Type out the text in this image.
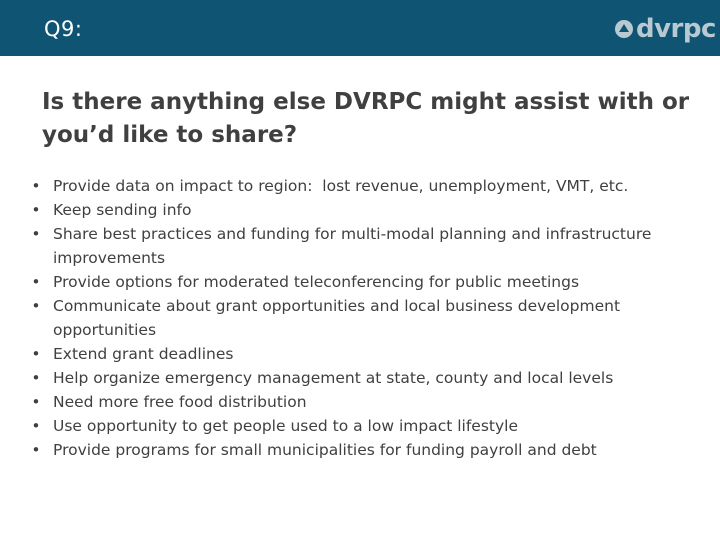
Q9:	dvrpc
Is there anything else DVRPC might assist with or you’d like to share?
• Provide data on impact to region:  lost revenue, unemployment, VMT, etc.
• Keep sending info
• Share best practices and funding for multi-modal planning and infrastructure improvements
• Provide options for moderated teleconferencing for public meetings
• Communicate about grant opportunities and local business development opportunities
• Extend grant deadlines
• Help organize emergency management at state, county and local levels
• Need more free food distribution
• Use opportunity to get people used to a low impact lifestyle
• Provide programs for small municipalities for funding payroll and debt
